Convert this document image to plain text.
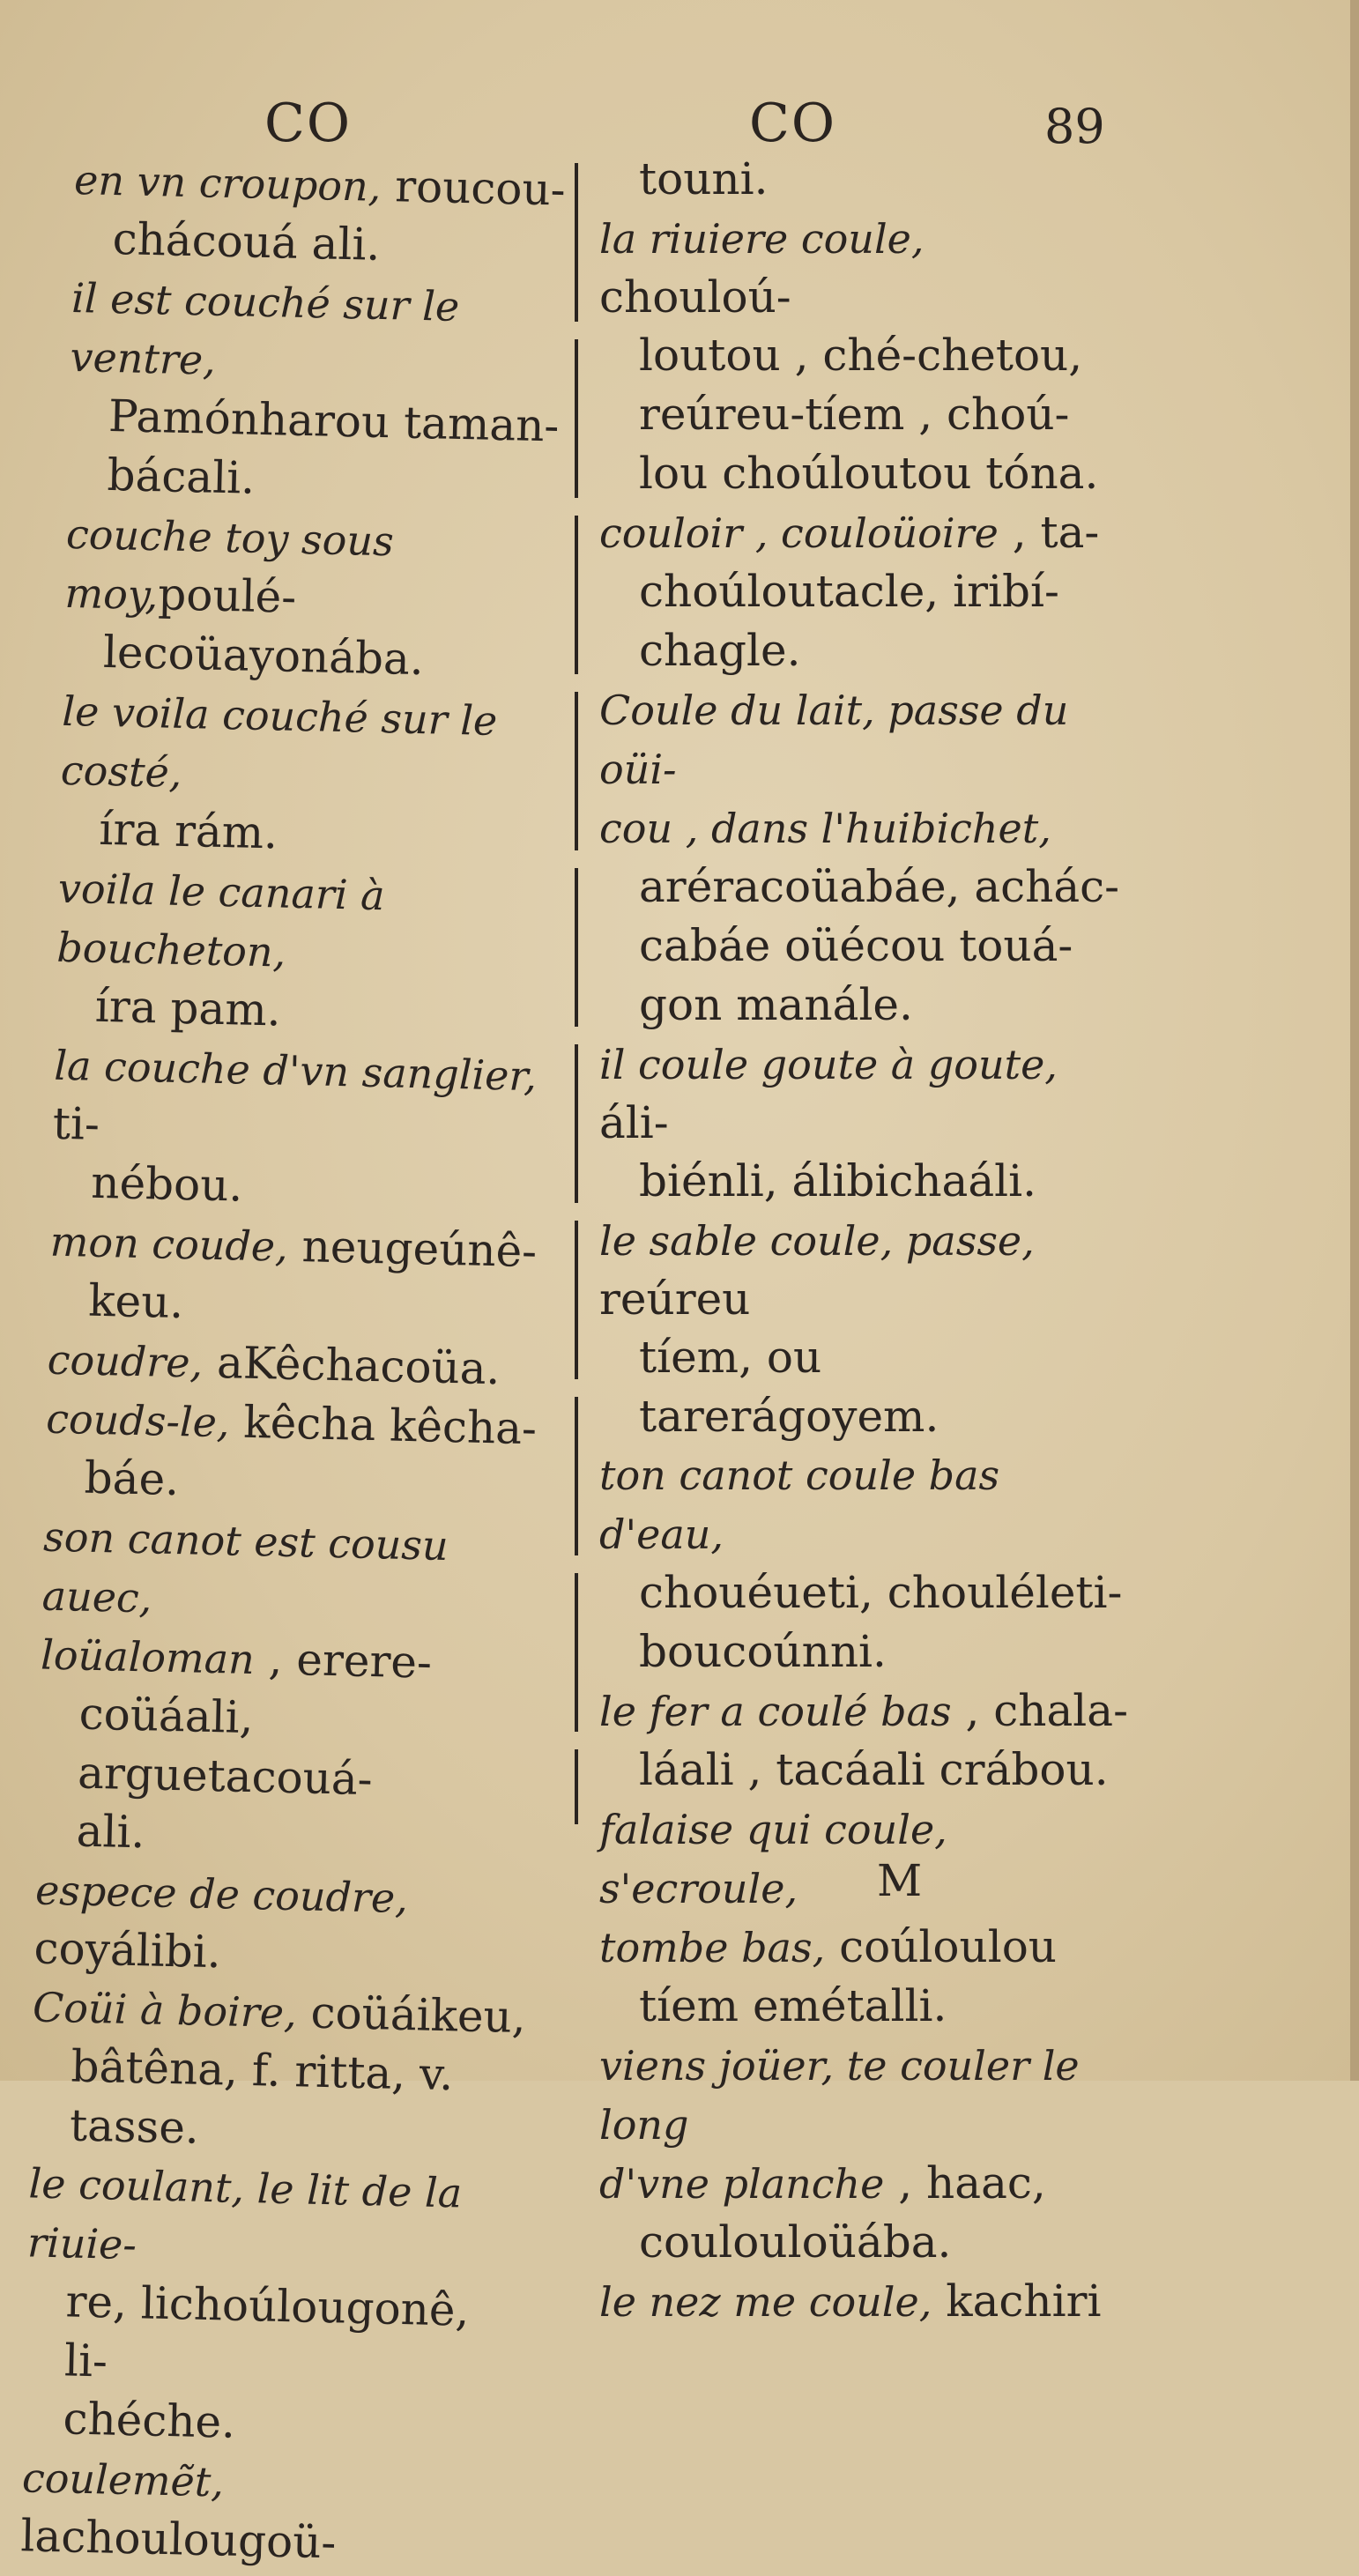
CO	CO	89

en vn croupon, roucou-

chácouá ali.

il est couché sur le ventre,

Pamónharou taman-

bácali.

couche toy sous moy,poulé-

lecoüayonába.

le voila couché sur le costé,

íra rám.

voila le canari à boucheton,

íra pam.

la couche d'vn sanglier, ti-

nébou.

mon coude, neugeúnê-

keu.

coudre, aKêchacoüa.

couds-le, kêcha kêcha-

báe.

son canot est cousu auec,

loüaloman , erere-

coüáali, arguetacouá-

ali.

espece de coudre, coyálibi.

Coüi à boire, coüáikeu,

bâtêna, f. ritta, v. tasse.

le coulant, le lit de la riuie-

re, lichoúlougonê, li-

chéche.

coulemẽt, lachoulougoü-

touni.

la riuiere coule, chouloú-

loutou , ché-chetou,

reúreu-tíem , choú-

lou choúloutou tóna.

couloir , couloüoire , ta-

choúloutacle, iribí-

chagle.

Coule du lait, passe du oüi-

cou , dans l'huibichet,

aréracoüabáe, achác-

cabáe oüécou touá-

gon manále.

il coule goute à goute, áli-

biénli, álibichaáli.

le sable coule, passe, reúreu

tíem, ou tarerágoyem.

ton canot coule bas d'eau,

chouéueti, chouléleti-

boucoúnni.

le fer a coulé bas , chala-

láali , tacáali crábou.

falaise qui coule, s'ecroule,

tombe bas, coúloulou

tíem emétalli.

viens joüer, te couler le long

d'vne planche , haac,

coulouloüába.

le nez me coule, kachiri

M
